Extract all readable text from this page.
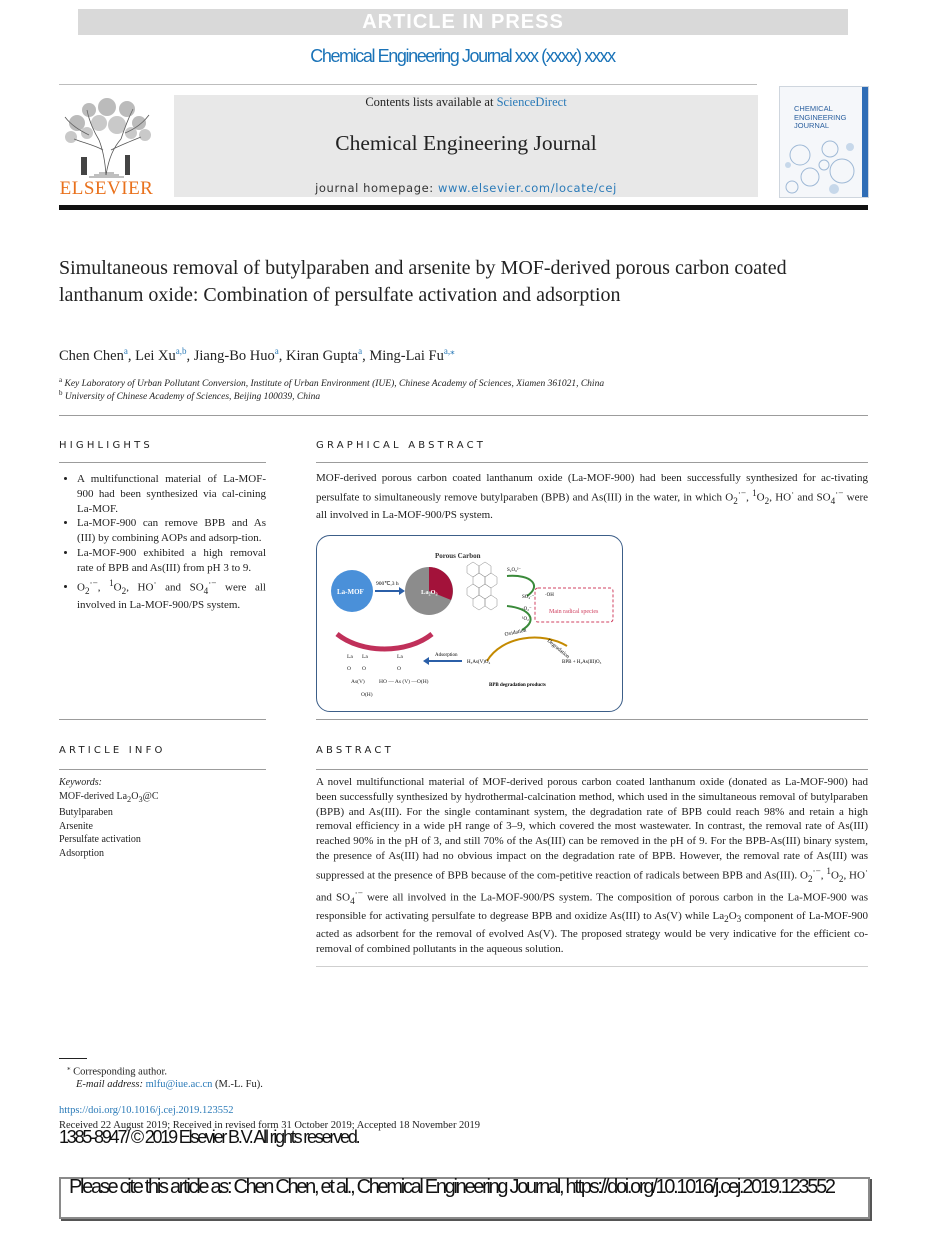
ARTICLE IN PRESS
Chemical Engineering Journal xxx (xxxx) xxxx
ELSEVIER
Contents lists available at ScienceDirect
Chemical Engineering Journal
journal homepage: www.elsevier.com/locate/cej
CHEMICAL
ENGINEERING
JOURNAL
Simultaneous removal of butylparaben and arsenite by MOF-derived porous carbon coated lanthanum oxide: Combination of persulfate activation and adsorption
Chen Chen$^a$, Lei Xu$^{a,b}$, Jiang-Bo Huo$^a$, Kiran Gupta$^a$, Ming-Lai $Fu^{a,⁎}$
$^a$ Key Laboratory of Urban Pollutant Conversion, Institute of Urban Environment (IUE), Chinese Academy of Sciences, Xiamen 361021, China
$^b$ University of Chinese Academy of Sciences, Beijing 100039, China
HIGHLIGHTS
• A multifunctional material of La-MOF-900 had been synthesized via cal-cining La-MOF.
• La-MOF-900 can remove BPB and As (III) by combining AOPs and adsorp-tion.
• La-MOF-900 exhibited a high removal rate of BPB and As(III) from pH 3 to 9.
• $O_2^{\cdot-}$, $^1O_2$, HO· and $SO_4^{\cdot-}$ were all involved in La-MOF-900/PS system.
GRAPHICAL ABSTRACT
MOF-derived porous carbon coated lanthanum oxide (La-MOF-900) had been successfully synthesized for ac-tivating persulfate to simultaneously remove butylparaben (BPB) and As(III) in the water, in which $O_2^{\cdot-}$, $^1O_2$, HO· and $SO_4^{\cdot-}$ were all involved in La-MOF-900/PS system.
Porous Carbon
La-MOF
900℃,3 h
La₂O₃
S₂O₈²⁻
SO₄·⁻ ·OH
·O₂⁻
¹O₂
Main radical species
Oxidation
Degradation
Adsorption
H₃As(V)O₄	BPB + H₃As(III)O₃
BPB degradation products
La La	La
O O	O
As(V)	HO — As (V) —O(H)
O(H)
ARTICLE INFO
Keywords:
MOF-derived $La_2O_3@C$
Butylparaben
Arsenite
Persulfate activation
Adsorption
ABSTRACT
A novel multifunctional material of MOF-derived porous carbon coated lanthanum oxide (donated as La-MOF-900) had been successfully synthesized by hydrothermal-calcination method, which used in the simultaneous removal of butylparaben (BPB) and As(III). For the single contaminant system, the degradation rate of BPB could reach 98% and retain a high removal efficiency in a wide pH range of 3–9, which covered the most wastewater. In contrast, the removal rate of As(III) reached 90% in the pH of 3, and still 70% of the As(III) can be removed in the pH of 9. For the BPB-As(III) binary system, the presence of As(III) had no obvious impact on the degradation rate of BPB. However, the removal rate of As(III) was suppressed at the presence of BPB because of the com-petitive reaction of radicals between BPB and As(III). $O_2^{\cdot-}$, $^1O_2$, HO· and $SO_4^{\cdot-}$ were all involved in the La-MOF-900/PS system. The composition of porous carbon in the La-MOF-900 was responsible for activating persulfate to degrease BPB and oxidize As(III) to As(V) while $La_2O_3$ component of La-MOF-900 acted as adsorbent for the removal of evolved As(V). The proposed strategy would be very indicative for the efficient co-removal of combined pollutants in the aqueous solution.
⁎ Corresponding author.
E-mail address: mlfu@iue.ac.cn (M.-L. Fu).
https://doi.org/10.1016/j.cej.2019.123552
Received 22 August 2019; Received in revised form 31 October 2019; Accepted 18 November 2019
1385-8947/ © 2019 Elsevier B.V. All rights reserved.
Please cite this article as: Chen Chen, et al., Chemical Engineering Journal, https://doi.org/10.1016/j.cej.2019.123552
